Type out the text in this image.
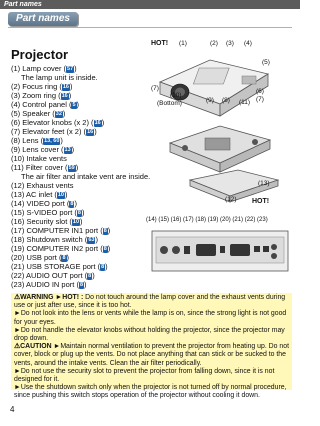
Part names
Part names
Projector
(1) Lamp cover (57)
The lamp unit is inside.
(2) Focus ring (16)
(3) Zoom ring (16)
(4) Control panel (5)
(5) Speaker (32)
(6) Elevator knobs (x 2) (16)
(7) Elevator feet (x 2) (16)
(8) Lens (13, 60)
(9) Lens cover (13)
(10) Intake vents
(11) Filter cover (59)
The air filter and intake vent are inside.
(12) Exhaust vents
(13) AC inlet (10)
(14) VIDEO port (8)
(15) S-VIDEO port (8)
(16) Security slot (10)
(17) COMPUTER IN1 port (8)
(18) Shutdown switch (63)
(19) COMPUTER IN2 port (8)
(20) USB port (8)
(21) USB STORAGE port (8)
(22) AUDIO OUT port (8)
(23) AUDIO IN port (8)
HOT! (1)	(2) (3) (4)
(5)
(7)
(10)
(Bottom)	(9) (8) (11)
(6)
(7)
(13)
(12) HOT!
(14) (15) (16) (17) (18) (19) (20) (21) (22) (23)

⚠WARNING ►HOT! : Do not touch around the lamp cover and the exhaust vents during use or just after use, since it is too hot.

►Do not look into the lens or vents while the lamp is on, since the strong light is not good for your eyes.

►Do not handle the elevator knobs without holding the projector, since the projector may drop down.

⚠CAUTION ►Maintain normal ventilation to prevent the projector from heating up. Do not cover, block or plug up the vents. Do not place anything that can stick or be sucked to the vents, around the intake vents. Clean the air filter periodically.

►Do not use the security slot to prevent the projector from falling down, since it is not designed for it.

►Use the shutdown switch only when the projector is not turned off by normal procedure, since pushing this switch stops operation of the projector without cooling it down.

4
